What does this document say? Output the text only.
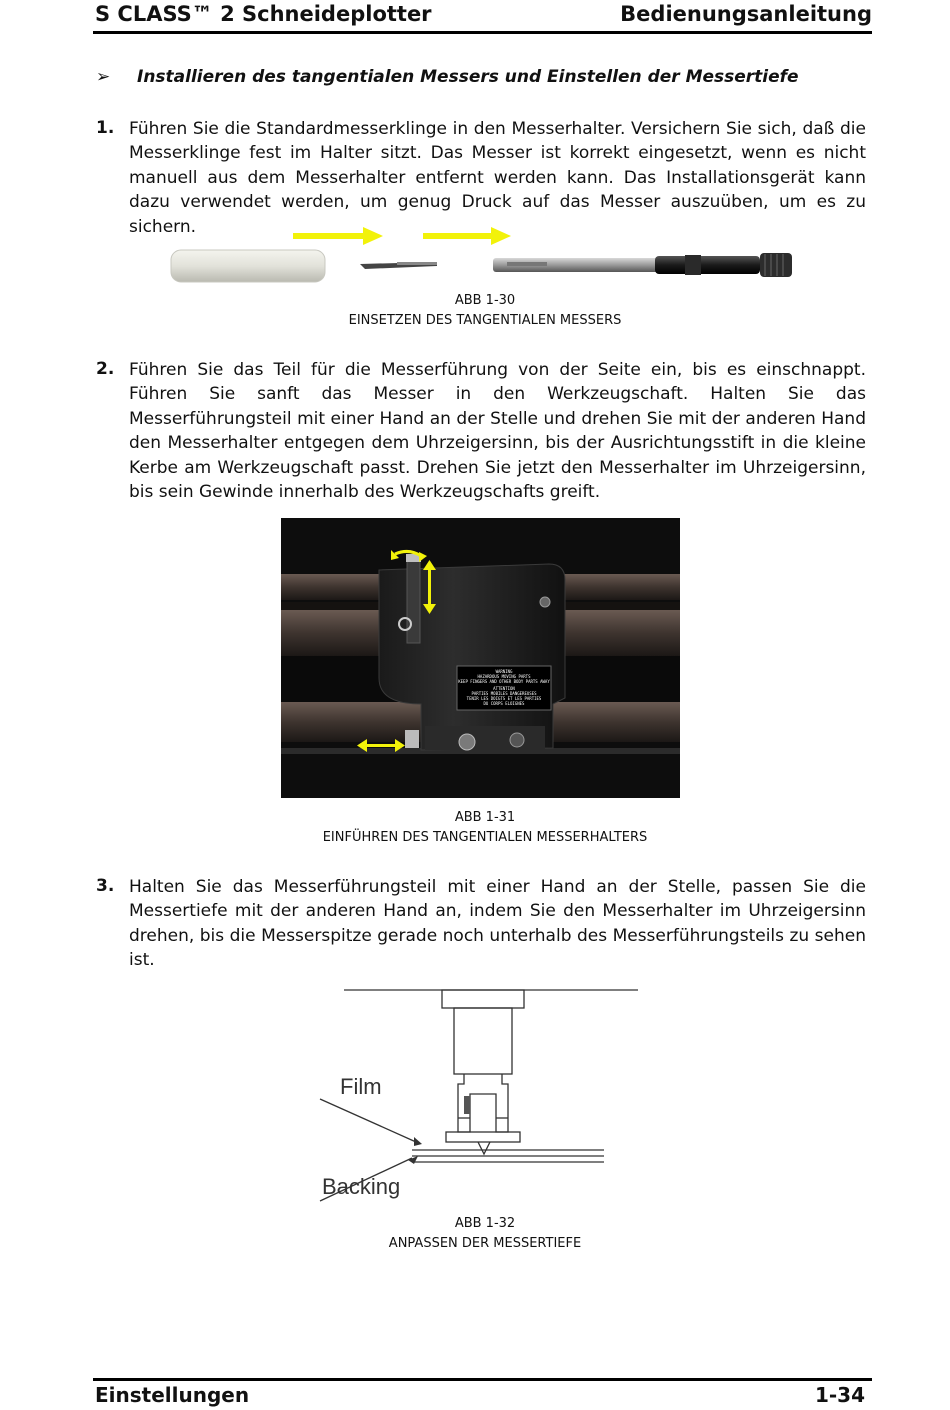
S CLASS™ 2 Schneideplotter	Bedienungsanleitung
➢ Installieren des tangentialen Messers und Einstellen der Messertiefe
1. Führen Sie die Standardmesserklinge in den Messerhalter. Versichern Sie sich, daß die Messerklinge fest im Halter sitzt. Das Messer ist korrekt eingesetzt, wenn es nicht manuell aus dem Messerhalter entfernt werden kann. Das Installationsgerät kann dazu verwendet werden, um genug Druck auf das Messer auszuüben, um es zu sichern.
ABB 1-30
EINSETZEN DES TANGENTIALEN MESSERS
2. Führen Sie das Teil für die Messerführung von der Seite ein, bis es einschnappt. Führen Sie sanft das Messer in den Werkzeugschaft. Halten Sie das Messerführungsteil mit einer Hand an der Stelle und drehen Sie mit der anderen Hand den Messerhalter entgegen dem Uhrzeigersinn, bis der Ausrichtungsstift in die kleine Kerbe am Werkzeugschaft passt. Drehen Sie jetzt den Messerhalter im Uhrzeigersinn, bis sein Gewinde innerhalb des Werkzeugschafts greift.
WARNING
HAZARDOUS MOVING PARTS
KEEP FINGERS AND OTHER BODY PARTS AWAY
ATTENTION
PARTIES MOBILES DANGEREUSES
TENIR LES DOIGTS ET LES PARTIES
DU CORPS ELOIGNES
ABB 1-31
EINFÜHREN DES TANGENTIALEN MESSERHALTERS
3. Halten Sie das Messerführungsteil mit einer Hand an der Stelle, passen Sie die Messertiefe mit der anderen Hand an, indem Sie den Messerhalter im Uhrzeigersinn drehen, bis die Messerspitze gerade noch unterhalb des Messerführungsteils zu sehen ist.
Film
Backing
ABB 1-32
ANPASSEN DER MESSERTIEFE
Einstellungen	1-34
